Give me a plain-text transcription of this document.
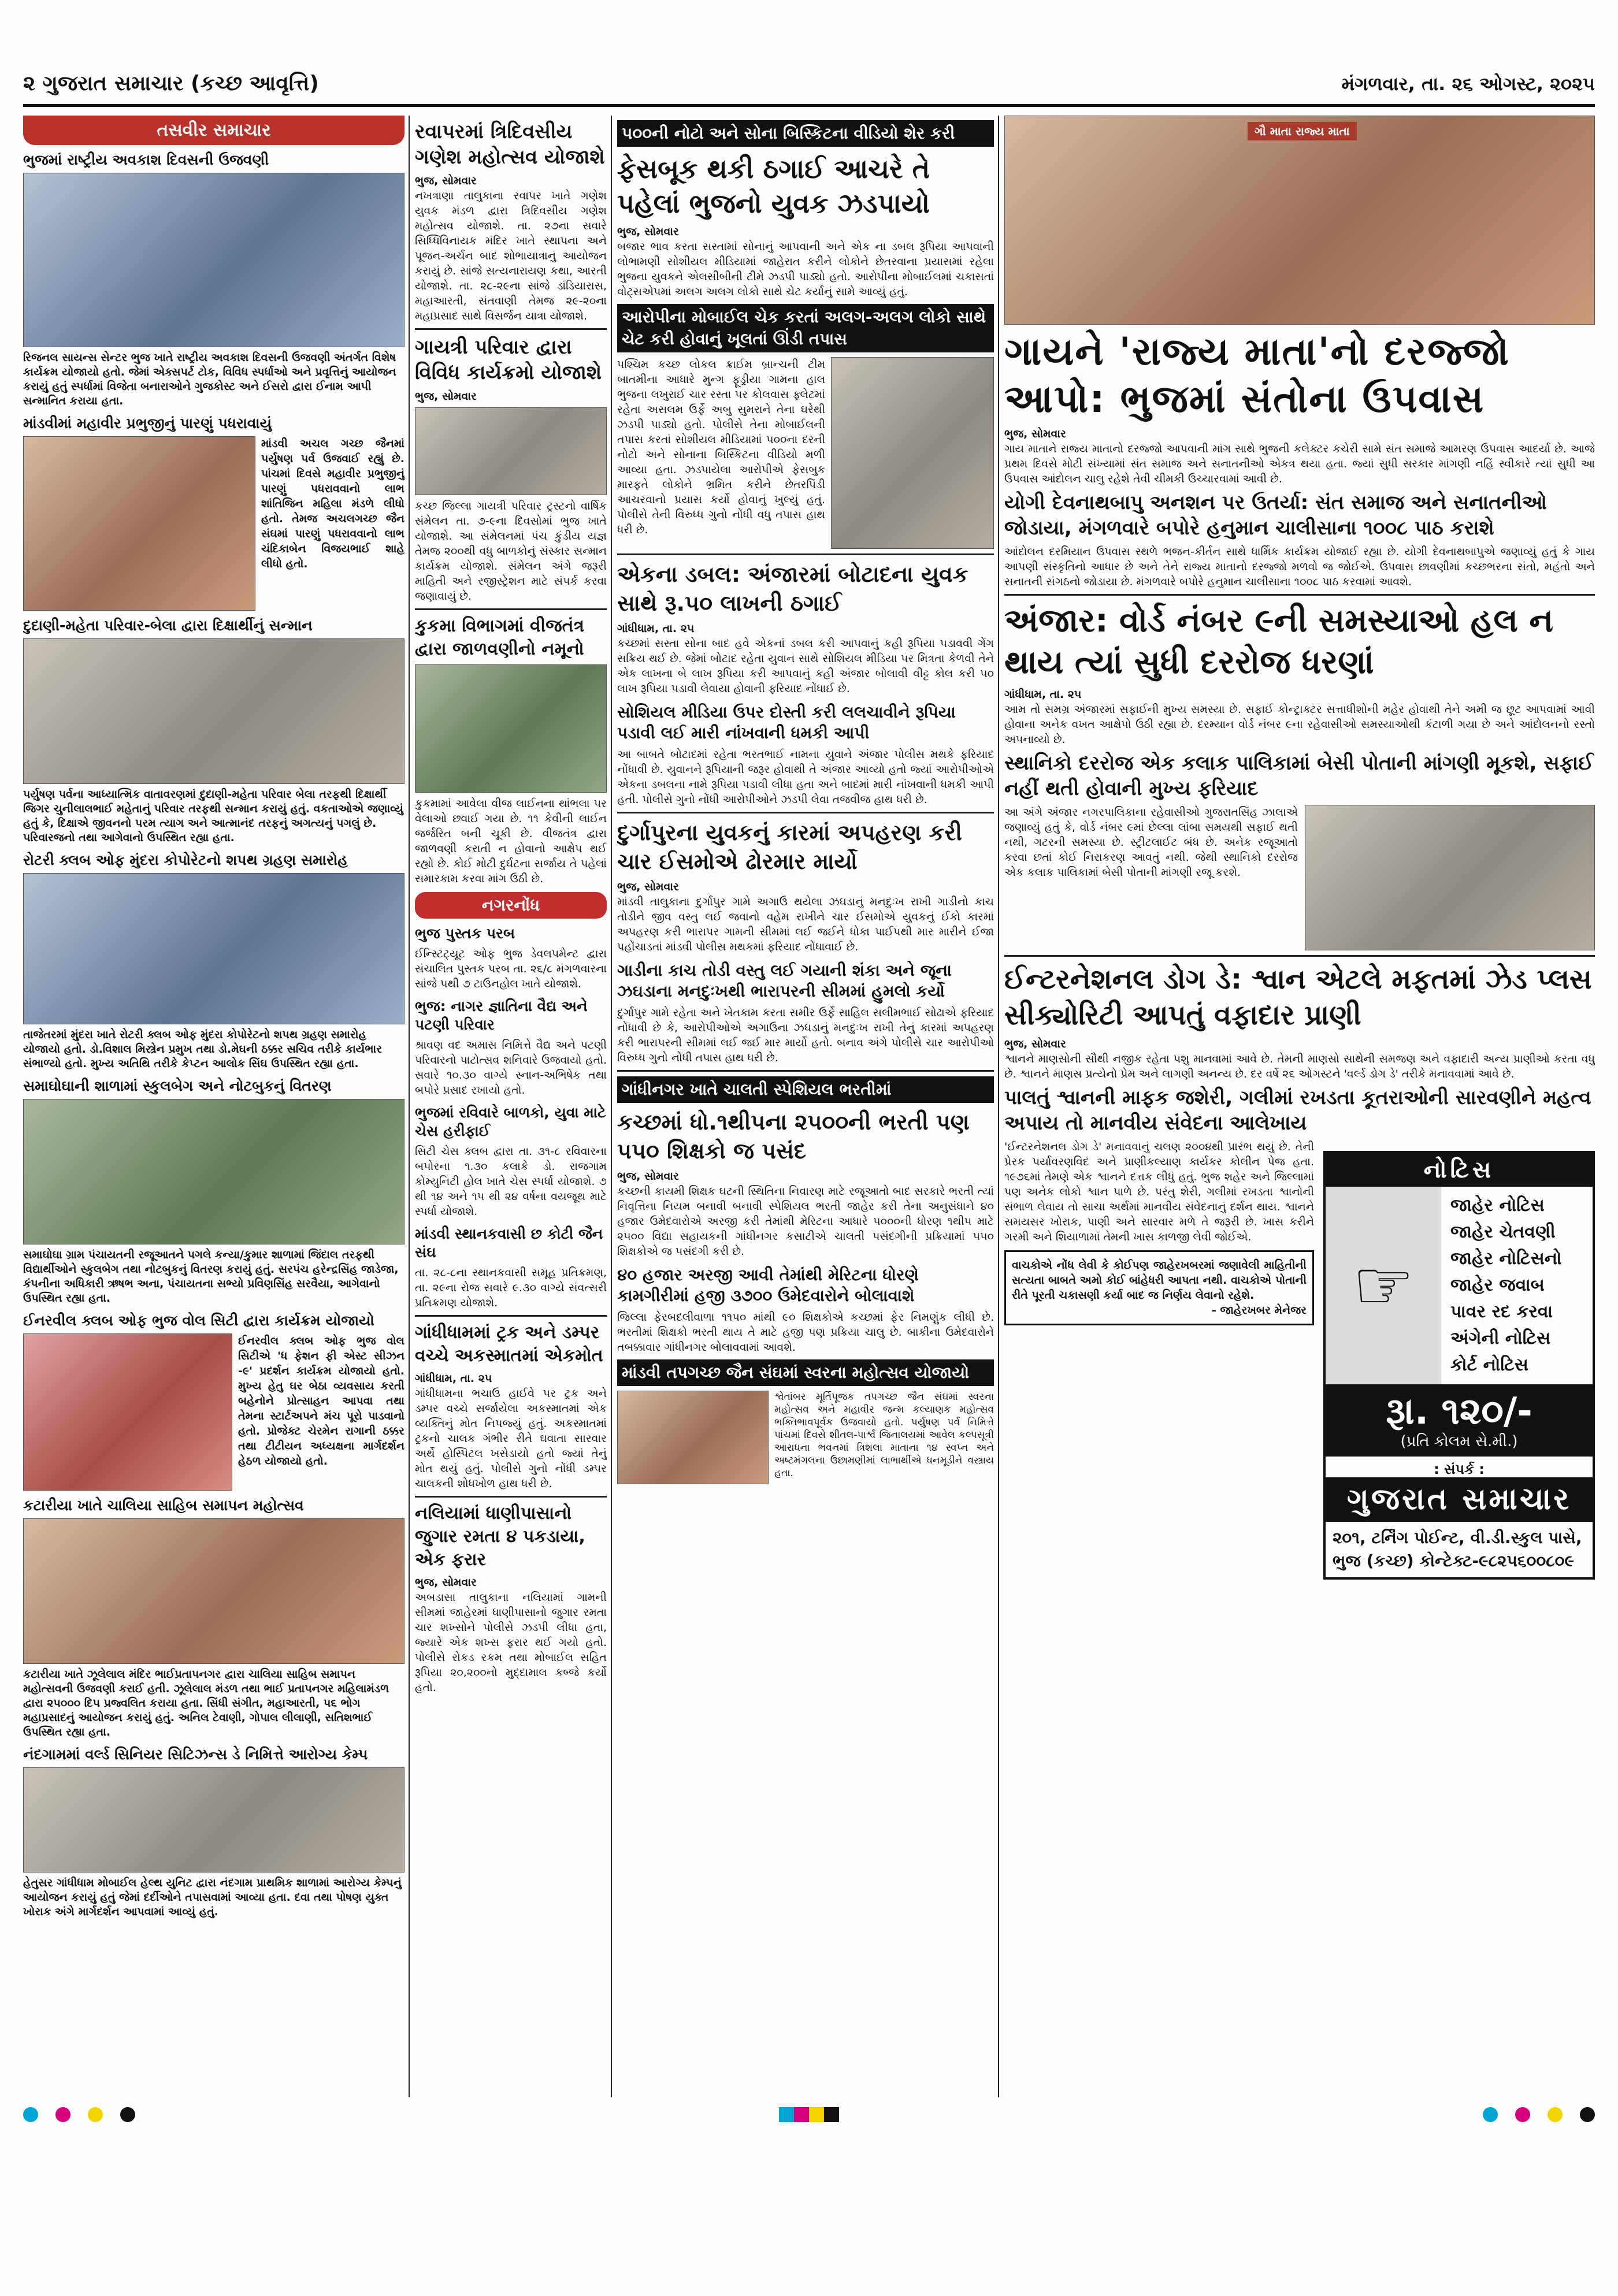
૨ ગુજરાત સમાચાર (કચ્છ આવૃત્તિ)	મંગળવાર, તા. ૨૬ ઓગસ્ટ, ૨૦૨૫
તસવીર સમાચાર
ભુજમાં રાષ્ટ્રીય અવકાશ દિવસની ઉજવણી
રિજનલ સાયન્સ સેન્ટર ભુજ ખાતે રાષ્ટ્રીય અવકાશ દિવસની ઉજવણી અંતર્ગત વિશેષ કાર્યક્રમ યોજાયો હતો. જેમાં એક્સપર્ટ ટોક, વિવિધ સ્પર્ધાઓ અને પ્રવૃત્તિનું આયોજન કરાયું હતું સ્પર્ધામાં વિજેતા બનારાઓને ગુજકોસ્ટ અને ઈસરો દ્વારા ઈનામ આપી સન્માનિત કરાયા હતા.
માંડવીમાં મહાવીર પ્રભુજીનું પારણું પધરાવાયું
માંડવી અચલ ગચ્છ જૈનમાં પર્યુષણ પર્વ ઉજવાઈ રહ્યું છે. પાંચમાં દિવસે મહાવીર પ્રભુજીનું પારણું પધરાવવાનો લાભ શાંતિજિન મહિલા મંડળે લીધો હતો. તેમજ અચલગચ્છ જૈન સંઘમાં પારણું પધરાવવાનો લાભ ચંદિકાબેન વિજયભાઈ શાહે લીધો હતો.
દુદાણી-મહેતા પરિવાર-બેલા દ્વારા દિક્ષાર્થીનું સન્માન
પર્યુષણ પર્વના આધ્યાત્મિક વાતાવરણમાં દુદાણી-મહેતા પરિવાર બેલા તરફથી દિક્ષાર્થી જિગર ચુનીલાલભાઈ મહેતાનું પરિવાર તરફથી સન્માન કરાયું હતું. વકતાઓએ જણાવ્યું હતું કે, દિક્ષાએ જીવનનો પરમ ત્યાગ અને આત્માનંદ તરફનું અગત્યનું પગલું છે. પરિવારજનો તથા આગેવાનો ઉપસ્થિત રહ્યા હતા.
રોટરી ક્લબ ઓફ મુંદરા કોપોરેટનો શપથ ગ્રહણ સમારોહ
તાજેતરમાં મુંદરા ખાતે રોટરી ક્લબ ઓફ મુંદરા કોપોરેટનો શપથ ગ્રહણ સમારોહ યોજાયો હતો. ડો.વિશાલ મિસ્ત્રેન પ્રમુખ તથા ડો.મેઘની ઠક્કર સચિવ તરીકે કાર્યભાર સંભાળ્યો હતો. મુખ્ય અતિથિ તરીકે કેપ્ટન આલોક સિંઘ ઉપસ્થિત રહ્યા હતા.
સમાઘોઘાની શાળામાં સ્કુલબેગ અને નોટબુકનું વિતરણ
સમાઘોઘા ગ્રામ પંચાયતની રજૂઆતને પગલે કન્યા/કુમાર શાળામાં જિંદાલ તરફથી વિદ્યાર્થીઓને સ્કુલબેગ તથા નોટબુકનું વિતરણ કરાયું હતું. સરપંચ હરેન્દ્રસિંહ જાડેજા, કંપનીના અધિકારી ઋષભ અના, પંચાયતના સભ્યો પ્રવિણસિંહ સરવૈયા, આગેવાનો ઉપસ્થિત રહ્યા હતા.
ઈનરવીલ ક્લબ ઓફ ભુજ વોલ સિટી દ્વારા કાર્યક્રમ યોજાયો
ઈનરવીલ ક્લબ ઓફ ભુજ વોલ સિટીએ 'ધ ફેશન ફી એસ્ટ સીઝન -૯' પ્રદર્શન કાર્યક્રમ યોજાયો હતો. મુખ્ય હેતુ ઘર બેઠા વ્યવસાય કરતી બહેનોને પ્રોત્સાહન આપવા તથા તેમના સ્ટાર્ટઅપને મંચ પૂરો પાડવાનો હતો. પ્રોજેક્ટ ચેરમેન રાગાની ઠક્કર તથા ટીટીયન અધ્યક્ષના માર્ગદર્શન હેઠળ યોજાયો હતો.
કટારીયા ખાતે ચાલિયા સાહિબ સમાપન મહોત્સવ
કટારીયા ખાતે ઝૂલેલાલ મંદિર ભાઈપ્રતાપનગર દ્વારા ચાલિયા સાહિબ સમાપન મહોત્સવની ઉજવણી કરાઈ હતી. ઝૂલેલાલ મંડળ તથા ભાઈ પ્રતાપનગર મહિલામંડળ દ્વારા ૨૫૦૦૦ દિપ પ્રજ્વલિત કરાયા હતા. સિંધી સંગીત, મહાઆરતી, ૫૬ ભોગ મહાપ્રસાદનું આયોજન કરાયું હતું. અનિલ ટેવાણી, ગોપાલ લીલાણી, સતિશભાઈ ઉપસ્થિત રહ્યા હતા.
નંદગામમાં વર્લ્ડ સિનિયર સિટિઝન્સ ડે નિમિત્તે આરોગ્ય કેમ્પ
હેતુસર ગાંધીધામ મોબાઈલ હેલ્થ યુનિટ દ્વારા નંદગામ પ્રાથમિક શાળામાં આરોગ્ય કેમ્પનું આયોજન કરાયું હતું જેમાં દર્દીઓને તપાસવામાં આવ્યા હતા. દવા તથા પોષણ યુક્ત ખોરાક અંગે માર્ગદર્શન આપવામાં આવ્યું હતું.
રવાપરમાં ત્રિદિવસીય ગણેશ મહોત્સવ યોજાશે
ભુજ, સોમવાર
નખત્રાણા તાલુકાના રવાપર ખાતે ગણેશ યુવક મંડળ દ્વારા ત્રિદિવસીય ગણેશ મહોત્સવ યોજાશે. તા. ૨૭ના સવારે સિધ્ધિવિનાયક મંદિર ખાતે સ્થાપના અને પૂજન-અર્ચન બાદ શોભાયાત્રાનું આયોજન કરાયું છે. સાંજે સત્યનારાયણ કથા, આરતી યોજાશે. તા. ૨૮-૨૯ના સાંજે ડાંડિયારાસ, મહાઆરતી, સંતવાણી તેમજ ૨૯-૨૦ના મહાપ્રસાદ સાથે વિસર્જન યાત્રા યોજાશે.
ગાયત્રી પરિવાર દ્વારા વિવિધ કાર્યક્રમો યોજાશે
ભુજ, સોમવાર
કચ્છ જિલ્લા ગાયત્રી પરિવાર ટ્રસ્ટનો વાર્ષિક સંમેલન તા. ૭-૯ના દિવસોમાં ભુજ ખાતે યોજાશે. આ સંમેલનમાં પંચ કુંડીય યજ્ઞ તેમજ ૨૦૦થી વધુ બાળકોનું સંસ્કાર સન્માન કાર્યક્રમ યોજાશે. સંમેલન અંગે જરૂરી માહિતી અને રજીસ્ટ્રેશન માટે સંપર્ક કરવા જણાવાયું છે.
કુકમા વિભાગમાં વીજતંત્ર દ્વારા જાળવણીનો નમૂનો
કુકમામાં આવેલા વીજ લાઈનના થાંભલા પર વેલાઓ છવાઈ ગયા છે. ૧૧ કેવીની લાઈન જર્જરિત બની ચૂકી છે. વીજતંત્ર દ્વારા જાળવણી કરાતી ન હોવાનો આક્ષેપ થઈ રહ્યો છે. કોઈ મોટી દુર્ઘટના સર્જાય તે પહેલાં સમારકામ કરવા માંગ ઉઠી છે.
નગરનોંધ
ભુજ પુસ્તક પરબ
ઈન્સ્ટિટ્યૂટ ઓફ ભુજ ડેવલપમેન્ટ દ્વારા સંચાલિત પુસ્તક પરબ તા. ૨૬/૮ મંગળવારના સાંજે ૫થી ૭ ટાઉનહોલ ખાતે યોજાશે.
ભુજ: નાગર જ્ઞાતિના વૈદ્ય અને પટણી પરિવાર
શ્રાવણ વદ અમાસ નિમિત્તે વૈદ્ય અને પટણી પરિવારનો પાટોત્સવ શનિવારે ઉજવાયો હતો. સવારે ૧૦.૩૦ વાગ્યે સ્નાન-અભિષેક તથા બપોરે પ્રસાદ રખાયો હતો.
ભુજમાં રવિવારે બાળકો, યુવા માટે ચેસ હરીફાઈ
સિટી ચેસ ક્લબ દ્વારા તા. ૩૧-૮ રવિવારના બપોરના ૧.૩૦ કલાકે ડો. રાજગામ કોમ્યુનિટી હોલ ખાતે ચેસ સ્પર્ધા યોજાશે. ૭ થી ૧૪ અને ૧૫ થી ૨૪ વર્ષના વયજૂથ માટે સ્પર્ધા યોજાશે.
માંડવી સ્થાનકવાસી છ કોટી જૈન સંઘ
તા. ૨૮-૮ના સ્થાનકવાસી સમૂહ પ્રતિક્રમણ, તા. ૨૯ના રોજ સવારે ૯.૩૦ વાગ્યે સંવત્સરી પ્રતિક્રમણ યોજાશે.
ગાંધીધામમાં ટ્રક અને ડમ્પર વચ્ચે અકસ્માતમાં એકમોત
ગાંધીધામ, તા. ૨૫
ગાંધીધામના ભચાઉ હાઈવે પર ટ્રક અને ડમ્પર વચ્ચે સર્જાયેલા અકસ્માતમાં એક વ્યક્તિનું મોત નિપજ્યું હતું. અકસ્માતમાં ટ્રકનો ચાલક ગંભીર રીતે ઘવાતા સારવાર અર્થે હોસ્પિટલ ખસેડાયો હતો જ્યાં તેનું મોત થયું હતું. પોલીસે ગુનો નોંધી ડમ્પર ચાલકની શોધખોળ હાથ ધરી છે.
નલિયામાં ધાણીપાસાનો જુગાર રમતા ૪ પકડાયા, એક ફરાર
ભુજ, સોમવાર
અબડાસા તાલુકાના નલિયામાં ગામની સીમમાં જાહેરમાં ધાણીપાસાનો જુગાર રમતા ચાર શખ્સોને પોલીસે ઝડપી લીધા હતા, જ્યારે એક શખ્સ ફરાર થઈ ગયો હતો. પોલીસે રોકડ રકમ તથા મોબાઈલ સહિત રૂપિયા ૨૦,૨૦૦નો મુદ્દામાલ કબ્જે કર્યો હતો.
૫૦૦ની નોટો અને સોના બિસ્કિટના વીડિયો શેર કરી
ફેસબૂક થકી ઠગાઈ આચરે તે પહેલાં ભુજનો યુવક ઝડપાયો
ભુજ, સોમવાર
બજાર ભાવ કરતા સસ્તામાં સોનાનું આપવાની અને એક ના ડબલ રૂપિયા આપવાની લોભામણી સોશીયલ મીડિયામાં જાહેરાત કરીને લોકોને છેતરવાના પ્રયાસમાં રહેલા ભુજના યુવકને એલસીબીની ટીમે ઝડપી પાડ્યો હતો. આરોપીના મોબાઈલમાં ચકાસતાં વોટ્સએપમાં અલગ અલગ લોકો સાથે ચેટ કર્યાનું સામે આવ્યું હતું.
આરોપીના મોબાઈલ ચેક કરતાં અલગ-અલગ લોકો સાથે ચેટ કરી હોવાનું ખૂલતાં ઊંડી તપાસ
પશ્ચિમ કચ્છ લોકલ ક્રાઈમ બ્રાન્ચની ટીમ બાતમીના આધારે મુન્ગ ફૂડ્રીયા ગામના હાલ ભુજના લખુરાઈ ચાર રસ્તા પર કોલવાસ ફ્લેટમાં રહેતા અસલમ ઉર્ફે અબુ સુમરાને તેના ઘરેથી ઝડપી પાડ્યો હતો. પોલીસે તેના મોબાઈલની તપાસ કરતાં સોશીયલ મીડિયામાં ૫૦૦ના દરની નોટો અને સોનાના બિસ્કિટના વીડિયો મળી આવ્યા હતા. ઝડપાયેલા આરોપીએ ફેસબુક મારફતે લોકોને ભ્રમિત કરીને છેતરપિંડી આચરવાનો પ્રયાસ કર્યો હોવાનું ખુલ્યું હતું. પોલીસે તેની વિરુધ્ધ ગુનો નોંધી વધુ તપાસ હાથ ધરી છે.
એકના ડબલ: અંજારમાં બોટાદના યુવક સાથે રૂ.૫૦ લાખની ઠગાઈ
ગાંધીધામ, તા. ૨૫
કચ્છમાં સસ્તા સોના બાદ હવે એકનાં ડબલ કરી આપવાનું કહી રૂપિયા પડાવવી ગેંગ સક્રિય થઈ છે. જેમાં બોટાદ રહેતા યુવાન સાથે સોશિયલ મીડિયા પર મિત્રતા કેળવી તેને એક લાખના બે લાખ રૂપિયા કરી આપવાનું કહી અંજાર બોલાવી વીટ્ટ કોલ કરી ૫૦ લાખ રૂપિયા પડાવી લેવાયા હોવાની ફરિયાદ નોંધાઈ છે.
સોશિયલ મીડિયા ઉપર દોસ્તી કરી લલચાવીને રૂપિયા પડાવી લઈ મારી નાંખવાની ધમકી આપી
આ બાબતે બોટાદમાં રહેતા ભરતભાઈ નામના યુવાને અંજાર પોલીસ મથકે ફરિયાદ નોંધાવી છે. યુવાનને રૂપિયાની જરૂર હોવાથી તે અંજાર આવ્યો હતો જ્યાં આરોપીઓએ એકના ડબલના નામે રૂપિયા પડાવી લીધા હતા અને બાદમાં મારી નાંખવાની ધમકી આપી હતી. પોલીસે ગુનો નોંધી આરોપીઓને ઝડપી લેવા તજવીજ હાથ ધરી છે.
દુર્ગાપુરના યુવકનું કારમાં અપહરણ કરી ચાર ઈસમોએ ઢોરમાર માર્યો
ભુજ, સોમવાર
માંડવી તાલુકાના દુર્ગાપુર ગામે અગાઉ થયેલા ઝઘડાનું મનદુઃખ રાખી ગાડીનો કાચ તોડીને જીવ વસ્તુ લઈ જવાનો વહેમ રાખીને ચાર ઈસમોએ યુવકનું ઈકો કારમાં અપહરણ કરી ભારાપર ગામની સીમમાં લઈ જઈને ધોકા પાઈપથી માર મારીને ઈજા પહોંચાડતાં માંડવી પોલીસ મથકમાં ફરિયાદ નોંધાવાઈ છે.
ગાડીના કાચ તોડી વસ્તુ લઈ ગયાની શંકા અને જૂના ઝઘડાના મનદુઃખથી ભારાપરની સીમમાં હુમલો કર્યો
દુર્ગાપુર ગામે રહેતા અને ખેતકામ કરતા સમીર ઉર્ફે સાહિલ સલીમભાઈ સોઢાએ ફરિયાદ નોંધાવી છે કે, આરોપીઓએ અગાઉના ઝઘડાનું મનદુઃખ રાખી તેનું કારમાં અપહરણ કરી ભારાપરની સીમમાં લઈ જઈ માર માર્યો હતો. બનાવ અંગે પોલીસે ચાર આરોપીઓ વિરુધ્ધ ગુનો નોંધી તપાસ હાથ ધરી છે.
ગાંધીનગર ખાતે ચાલતી સ્પેશિયલ ભરતીમાં
કચ્છમાં ધો.૧થી૫ના ૨૫૦૦ની ભરતી પણ ૫૫૦ શિક્ષકો જ પસંદ
ભુજ, સોમવાર
કચ્છની કાયમી શિક્ષક ઘટની સ્થિતિના નિવારણ માટે રજૂઆતો બાદ સરકારે ભરતી ત્યાં નિવૃત્તિના નિયમ બનાવી બનાવી સ્પેશિયલ ભરતી જાહેર કરી તેના અનુસંધાને ૪૦ હજાર ઉમેદવારોએ અરજી કરી તેમાંથી મેરિટના આધારે ૫૦૦૦ની ધોરણ ૧થી૫ માટે ૨૫૦૦ વિદ્યા સહાયકની ગાંધીનગર કસાટીએ ચાલતી પસંદગીની પ્રક્રિયામાં ૫૫૦ શિક્ષકોએ જ પસંદગી કરી છે.
૪૦ હજાર અરજી આવી તેમાંથી મેરિટના ધોરણે કામગીરીમાં હજી ૩૭૦૦ ઉમેદવારોને બોલાવાશે
જિલ્લા ફેરબદલીવાળા ૧૧૫૦ માંથી ૯૦ શિક્ષકોએ કચ્છમાં ફેર નિમણુંક લીધી છે. ભરતીમાં શિક્ષકો ભરતી થાય તે માટે હજી પણ પ્રક્રિયા ચાલુ છે. બાકીના ઉમેદવારોને તબક્કાવાર ગાંધીનગર બોલાવવામાં આવશે.
માંડવી તપગચ્છ જૈન સંઘમાં સ્વરના મહોત્સવ યોજાયો
શ્વેતાંબર મૂર્તિપૂજક તપગચ્છ જૈન સંઘમાં સ્વરના મહોત્સવ અને મહાવીર જન્મ કલ્યાણક મહોત્સવ ભક્તિભાવપૂર્વક ઉજવાયો હતો. પર્યુષણ પર્વ નિમિત્તે પાંચમાં દિવસે શીતલ-પાર્શ્વ જિનાલયમાં આવેલ કલ્પસૂત્રી આરાધના ભવનમાં ત્રિશલા માતાના ૧૪ સ્વપ્ન અને અષ્ટમંગલના ઉછામણીમાં લાભાર્થીએ ધનમૂડીને વસ્ત્રાય હતા.
ગૌ માતા રાજ્ય માતા
ગાયને 'રાજ્ય માતા'નો દરજ્જો આપો: ભુજમાં સંતોના ઉપવાસ
ભુજ, સોમવાર
ગાય માતાને રાજ્ય માતાનો દરજ્જો આપવાની માંગ સાથે ભુજની કલેક્ટર કચેરી સામે સંત સમાજે આમરણ ઉપવાસ આદર્યા છે. આજે પ્રથમ દિવસે મોટી સંખ્યામાં સંત સમાજ અને સનાતનીઓ એકત્ર થયા હતા. જ્યાં સુધી સરકાર માંગણી નહિં સ્વીકારે ત્યાં સુધી આ ઉપવાસ આંદોલન ચાલુ રહેશે તેવી ચીમકી ઉચ્ચારવામાં આવી છે.
યોગી દેવનાથબાપુ અનશન પર ઉતર્યા: સંત સમાજ અને સનાતનીઓ જોડાયા, મંગળવારે બપોરે હનુમાન ચાલીસાના ૧૦૦૮ પાઠ કરાશે
આંદોલન દરમિયાન ઉપવાસ સ્થળે ભજન-કીર્તન સાથે ધાર્મિક કાર્યક્રમ યોજાઈ રહ્યા છે. યોગી દેવનાથબાપુએ જણાવ્યું હતું કે ગાય આપણી સંસ્કૃતિનો આધાર છે અને તેને રાજ્ય માતાનો દરજ્જો મળવો જ જોઈએ. ઉપવાસ છાવણીમાં કચ્છભરના સંતો, મહંતો અને સનાતની સંગઠનો જોડાયા છે. મંગળવારે બપોરે હનુમાન ચાલીસાના ૧૦૦૮ પાઠ કરવામાં આવશે.
અંજાર: વોર્ડ નંબર ૯ની સમસ્યાઓ હલ ન થાય ત્યાં સુધી દરરોજ ધરણાં
ગાંધીધામ, તા. ૨૫
આમ તો સમગ્ર અંજારમાં સફાઈની મુખ્ય સમસ્યા છે. સફાઈ કોન્ટ્રાક્ટર સત્તાધીશોની મહેર હોવાથી તેને અમી જ છૂટ આપવામાં આવી હોવાના અનેક વખત આક્ષેપો ઉઠી રહ્યા છે. દરમ્યાન વોર્ડ નંબર ૯ના રહેવાસીઓ સમસ્યાઓથી કંટાળી ગયા છે અને આંદોલનનો રસ્તો અપનાવ્યો છે.
સ્થાનિકો દરરોજ એક કલાક પાલિકામાં બેસી પોતાની માંગણી મૂકશે, સફાઈ નહીં થતી હોવાની મુખ્ય ફરિયાદ
આ અંગે અંજાર નગરપાલિકાના રહેવાસીઓ ગુજરાતસિંહ ઝાલાએ જણાવ્યું હતું કે, વોર્ડ નંબર ૯માં છેલ્લા લાંબા સમયથી સફાઈ થતી નથી, ગટરની સમસ્યા છે. સ્ટ્રીટલાઈટ બંધ છે. અનેક રજૂઆતો કરવા છતાં કોઈ નિરાકરણ આવતું નથી. જેથી સ્થાનિકો દરરોજ એક કલાક પાલિકામાં બેસી પોતાની માંગણી રજૂ કરશે.
ઈન્ટરનેશનલ ડોગ ડે: શ્વાન એટલે મફતમાં ઝેડ પ્લસ સીક્યોરિટી આપતું વફાદાર પ્રાણી
ભુજ, સોમવાર
શ્વાનને માણસોની સૌથી નજીક રહેતા પશુ માનવામાં આવે છે. તેમની માણસો સાથેની સમજણ અને વફાદારી અન્ય પ્રાણીઓ કરતા વધુ છે. શ્વાનને માણસ પ્રત્યેનો પ્રેમ અને લાગણી અનન્ય છે. દર વર્ષે ૨૬ ઓગસ્ટને 'વર્લ્ડ ડોગ ડે' તરીકે મનાવવામાં આવે છે.
પાલતું શ્વાનની માફક જશેરી, ગલીમાં રખડતા કૂતરાઓની સારવણીને મહત્વ અપાય તો માનવીય સંવેદના આલેખાય
'ઈન્ટરનેશનલ ડોગ ડે' મનાવવાનું ચલણ ૨૦૦૪થી પ્રારંભ થયું છે. તેની પ્રેરક પર્યાવરણવિદ અને પ્રાણીકલ્યાણ કાર્યકર કોલીન પેજ હતા. ૧૯૭૬માં તેમણે એક શ્વાનને દત્તક લીધું હતું. ભુજ શહેર અને જિલ્લામાં પણ અનેક લોકો શ્વાન પાળે છે. પરંતુ શેરી, ગલીમાં રખડતા શ્વાનોની સંભાળ લેવાય તો સાચા અર્થમાં માનવીય સંવેદનાનું દર્શન થાય. શ્વાનને સમયસર ખોરાક, પાણી અને સારવાર મળે તે જરૂરી છે. ખાસ કરીને ગરમી અને શિયાળામાં તેમની ખાસ કાળજી લેવી જોઈએ.
વાચકોએ નોંધ લેવી કે કોઈપણ જાહેરખબરમાં જણાવેલી માહિતીની સત્યતા બાબતે અમો કોઈ બાંહેધરી આપતા નથી. વાચકોએ પોતાની રીતે પૂરતી ચકાસણી કર્યા બાદ જ નિર્ણય લેવાનો રહેશે.
- જાહેરખબર મેનેજર
નોટિસ
☞
જાહેર નોટિસ
જાહેર ચેતવણી
જાહેર નોટિસનો જાહેર જવાબ
પાવર રદ કરવા અંગેની નોટિસ
કોર્ટ નોટિસ
રૂા. ૧૨૦/-
(પ્રતિ કોલમ સે.મી.)
: સંપર્ક :
ગુજરાત સમાચાર
૨૦૧, ટર્નિંગ પોઈન્ટ, વી.ડી.સ્કુલ પાસે, ભુજ (કચ્છ) કોન્ટેક્ટ-૯૮૨૫૬૦૦૮૦૯
